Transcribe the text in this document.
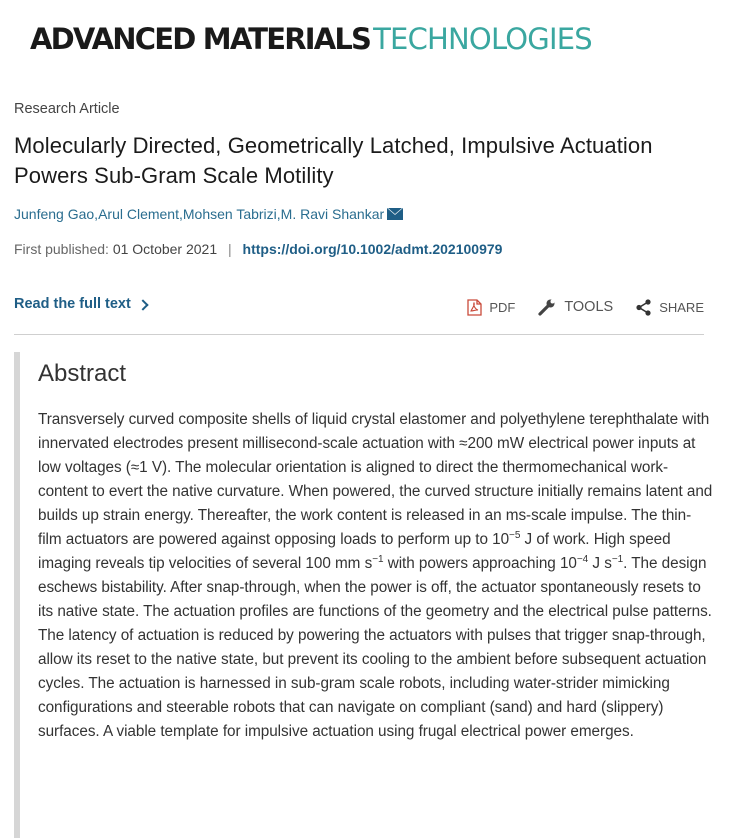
ADVANCED MATERIALS TECHNOLOGIES
Research Article
Molecularly Directed, Geometrically Latched, Impulsive Actuation Powers Sub-Gram Scale Motility
Junfeng Gao , Arul Clement , Mohsen Tabrizi , M. Ravi Shankar
First published: 01 October 2021 | https://doi.org/10.1002/admt.202100979
Read the full text	PDF	TOOLS	SHARE
Abstract

Transversely curved composite shells of liquid crystal elastomer and polyethylene terephthalate with innervated electrodes present millisecond-scale actuation with ≈200 mW electrical power inputs at low voltages (≈1 V). The molecular orientation is aligned to direct the thermomechanical work-content to evert the native curvature. When powered, the curved structure initially remains latent and builds up strain energy. Thereafter, the work content is released in an ms-scale impulse. The thin-film actuators are powered against opposing loads to perform up to $10^{-5}$ J of work. High speed imaging reveals tip velocities of several 100 mm $s^{-1}$ with powers approaching $10^{-4}$ J $s^{-1}$. The design eschews bistability. After snap-through, when the power is off, the actuator spontaneously resets to its native state. The actuation profiles are functions of the geometry and the electrical pulse patterns. The latency of actuation is reduced by powering the actuators with pulses that trigger snap-through, allow its reset to the native state, but prevent its cooling to the ambient before subsequent actuation cycles. The actuation is harnessed in sub-gram scale robots, including water-strider mimicking configurations and steerable robots that can navigate on compliant (sand) and hard (slippery) surfaces. A viable template for impulsive actuation using frugal electrical power emerges.
